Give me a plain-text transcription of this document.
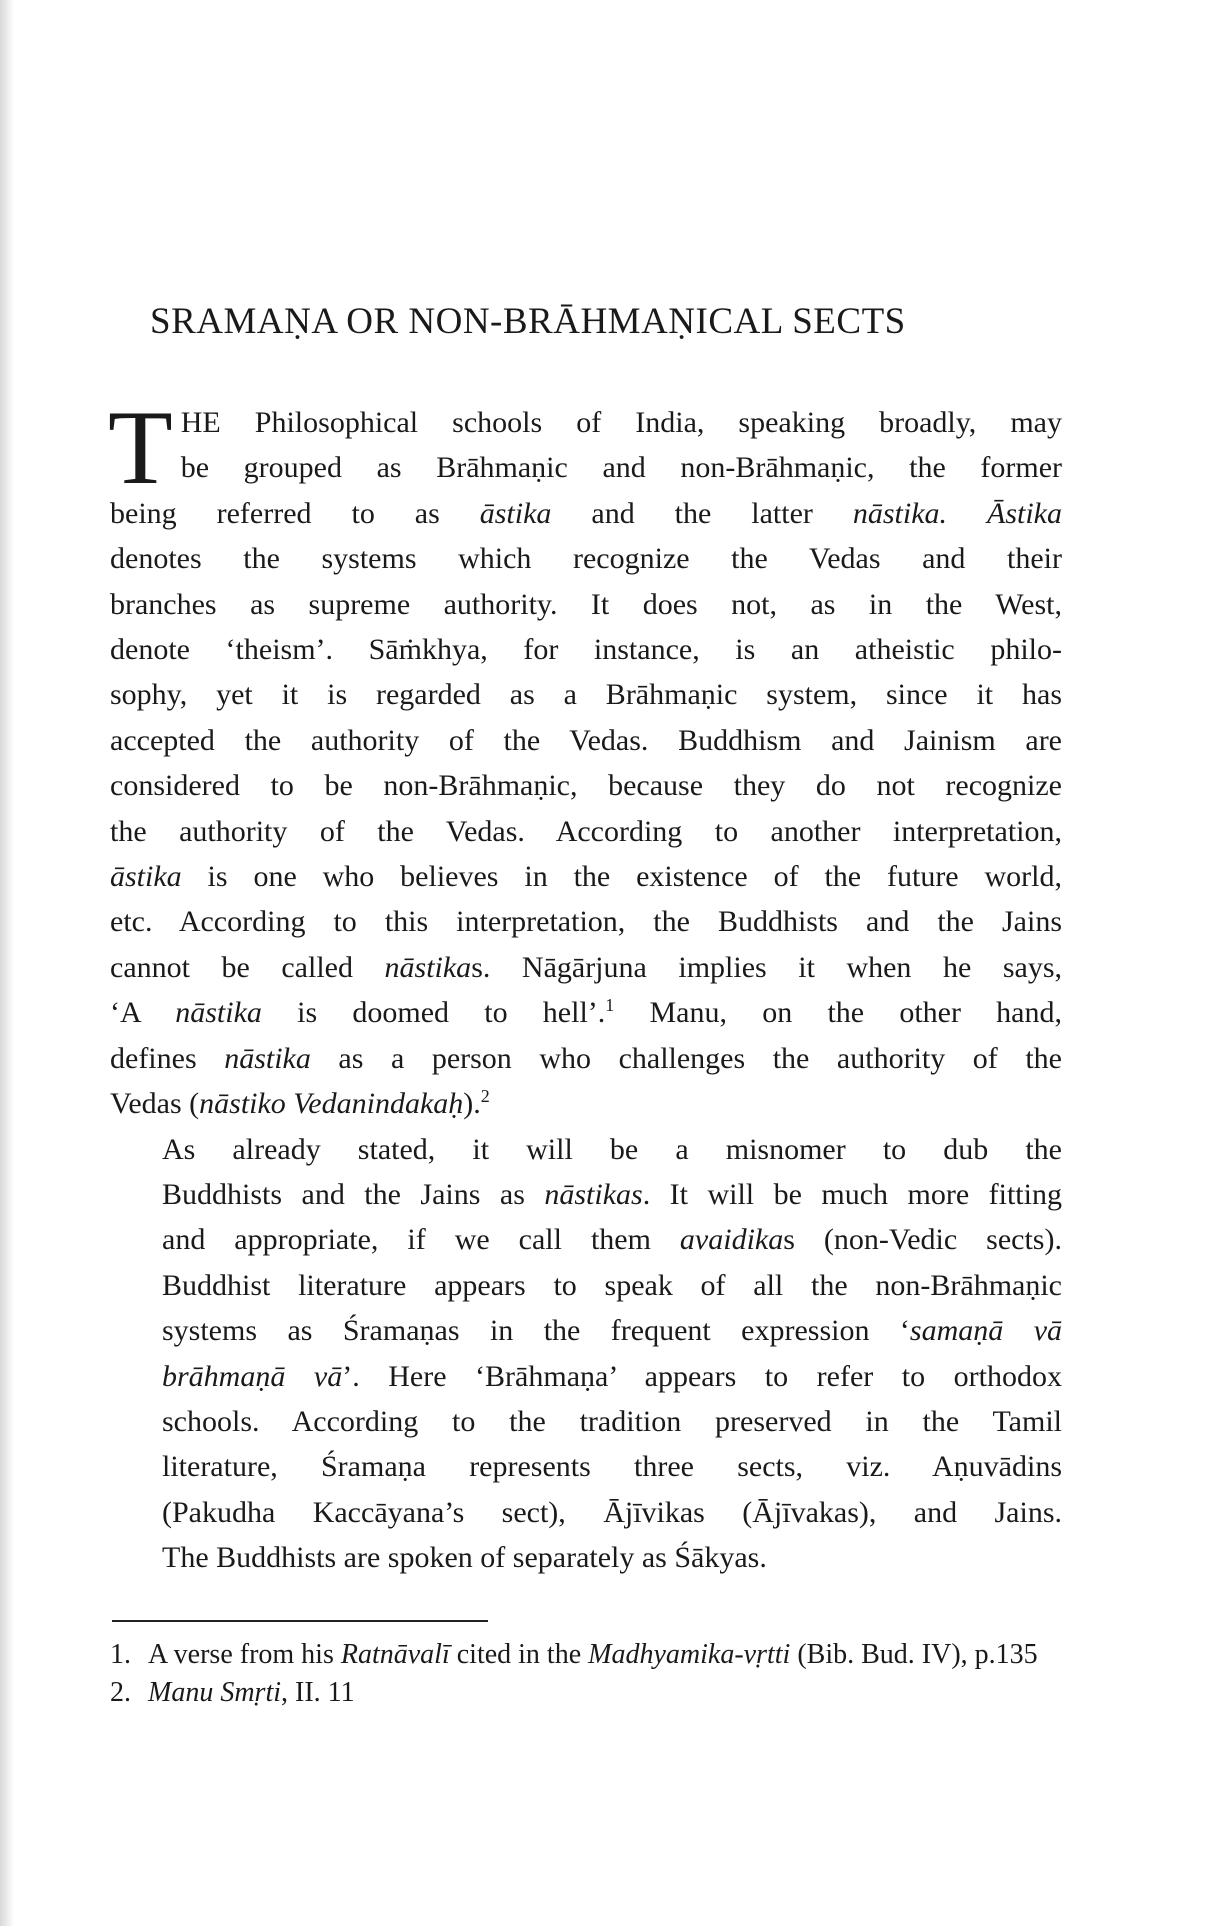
SRAMAṆA OR NON-BRĀHMAṆICAL SECTS
T HE Philosophical schools of India, speaking broadly, may
be grouped as Brāhmaṇic and non-Brāhmaṇic, the former
being referred to as āstika and the latter nāstika. Āstika
denotes the systems which recognize the Vedas and their
branches as supreme authority. It does not, as in the West,
denote ‘theism’. Sāṁkhya, for instance, is an atheistic philo-
sophy, yet it is regarded as a Brāhmaṇic system, since it has
accepted the authority of the Vedas. Buddhism and Jainism are
considered to be non-Brāhmaṇic, because they do not recognize
the authority of the Vedas. According to another interpretation,
āstika is one who believes in the existence of the future world,
etc. According to this interpretation, the Buddhists and the Jains
cannot be called nāstikas. Nāgārjuna implies it when he says,
‘A nāstika is doomed to hell’.$^1$ Manu, on the other hand,
defines nāstika as a person who challenges the authority of the
Vedas (nāstiko Vedanindakaḥ).$^2$
As already stated, it will be a misnomer to dub the
Buddhists and the Jains as nāstikas. It will be much more fitting
and appropriate, if we call them avaidikas (non-Vedic sects).
Buddhist literature appears to speak of all the non-Brāhmaṇic
systems as Śramaṇas in the frequent expression ‘samaṇā vā
brāhmaṇā vā’. Here ‘Brāhmaṇa’ appears to refer to orthodox
schools. According to the tradition preserved in the Tamil
literature, Śramaṇa represents three sects, viz. Aṇuvādins
(Pakudha Kaccāyana’s sect), Ājīvikas (Ājīvakas), and Jains.
The Buddhists are spoken of separately as Śākyas.
1. A verse from his Ratnāvalī cited in the Madhyamika-vṛtti (Bib. Bud. IV), p.135
2. Manu Smṛti, II. 11
